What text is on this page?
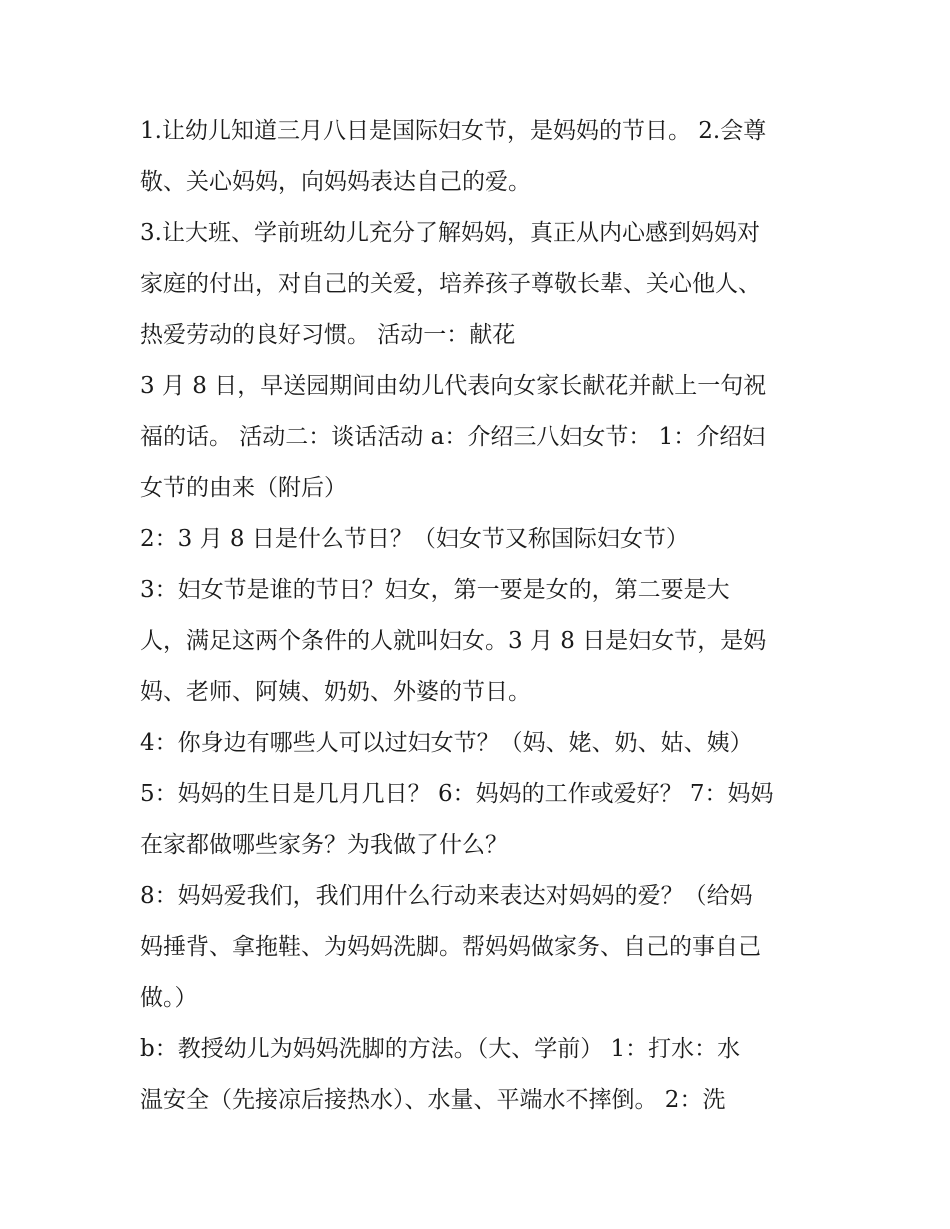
1.让幼儿知道三月八日是国际妇女节，是妈妈的节日。 2.会尊
敬、关心妈妈，向妈妈表达自己的爱。
3.让大班、学前班幼儿充分了解妈妈，真正从内心感到妈妈对
家庭的付出，对自己的关爱，培养孩子尊敬长辈、关心他人、
热爱劳动的良好习惯。 活动一：献花
3 月 8 日，早送园期间由幼儿代表向女家长献花并献上一句祝
福的话。 活动二：谈话活动 a：介绍三八妇女节： 1：介绍妇
女节的由来（附后）
2：3 月 8 日是什么节日？（妇女节又称国际妇女节）
3：妇女节是谁的节日？妇女，第一要是女的，第二要是大
人，满足这两个条件的人就叫妇女。3 月 8 日是妇女节，是妈
妈、老师、阿姨、奶奶、外婆的节日。
4：你身边有哪些人可以过妇女节？（妈、姥、奶、姑、姨）
5：妈妈的生日是几月几日？ 6：妈妈的工作或爱好？ 7：妈妈
在家都做哪些家务？为我做了什么？
8：妈妈爱我们，我们用什么行动来表达对妈妈的爱？（给妈
妈捶背、拿拖鞋、为妈妈洗脚。帮妈妈做家务、自己的事自己
做。）
b：教授幼儿为妈妈洗脚的方法。（大、学前） 1：打水：水
温安全（先接凉后接热水）、水量、平端水不摔倒。 2：洗
